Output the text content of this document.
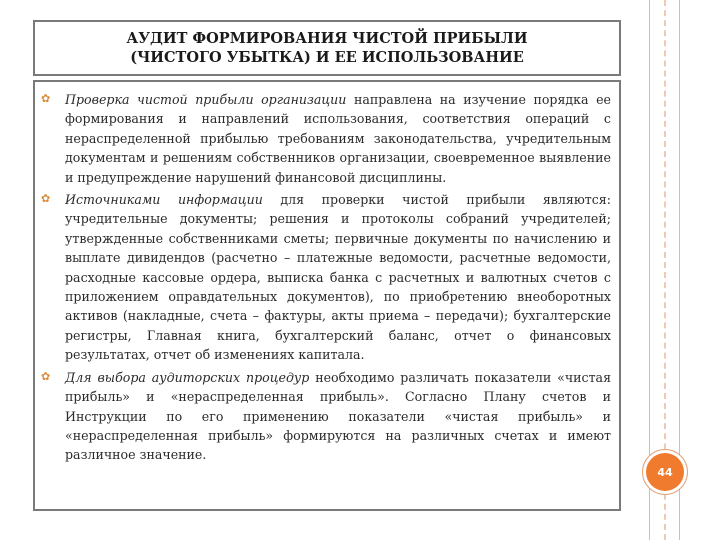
АУДИТ ФОРМИРОВАНИЯ ЧИСТОЙ ПРИБЫЛИ
(ЧИСТОГО УБЫТКА) И ЕЕ ИСПОЛЬЗОВАНИЕ
✿ Проверка чистой прибыли организации направлена на изучение порядка ее формирования и направлений использования, соответствия операций с нераспределенной прибылью требованиям законодательства, учредительным документам и решениям собственников организации, своевременное выявление и предупреждение нарушений финансовой дисциплины.

✿ Источниками информации для проверки чистой прибыли являются: учредительные документы; решения и протоколы собраний учредителей; утвержденные собственниками сметы; первичные документы по начислению и выплате дивидендов (расчетно – платежные ведомости, расчетные ведомости, расходные кассовые ордера, выписка банка с расчетных и валютных счетов с приложением оправдательных документов), по приобретению внеоборотных активов (накладные, счета – фактуры, акты приема – передачи); бухгалтерские регистры, Главная книга, бухгалтерский баланс, отчет о финансовых результатах, отчет об изменениях капитала.

✿ Для выбора аудиторских процедур необходимо различать показатели «чистая прибыль» и «нераспределенная прибыль». Согласно Плану счетов и Инструкции по его применению показатели «чистая прибыль» и «нераспределенная прибыль» формируются на различных счетах и имеют различное значение.

44
